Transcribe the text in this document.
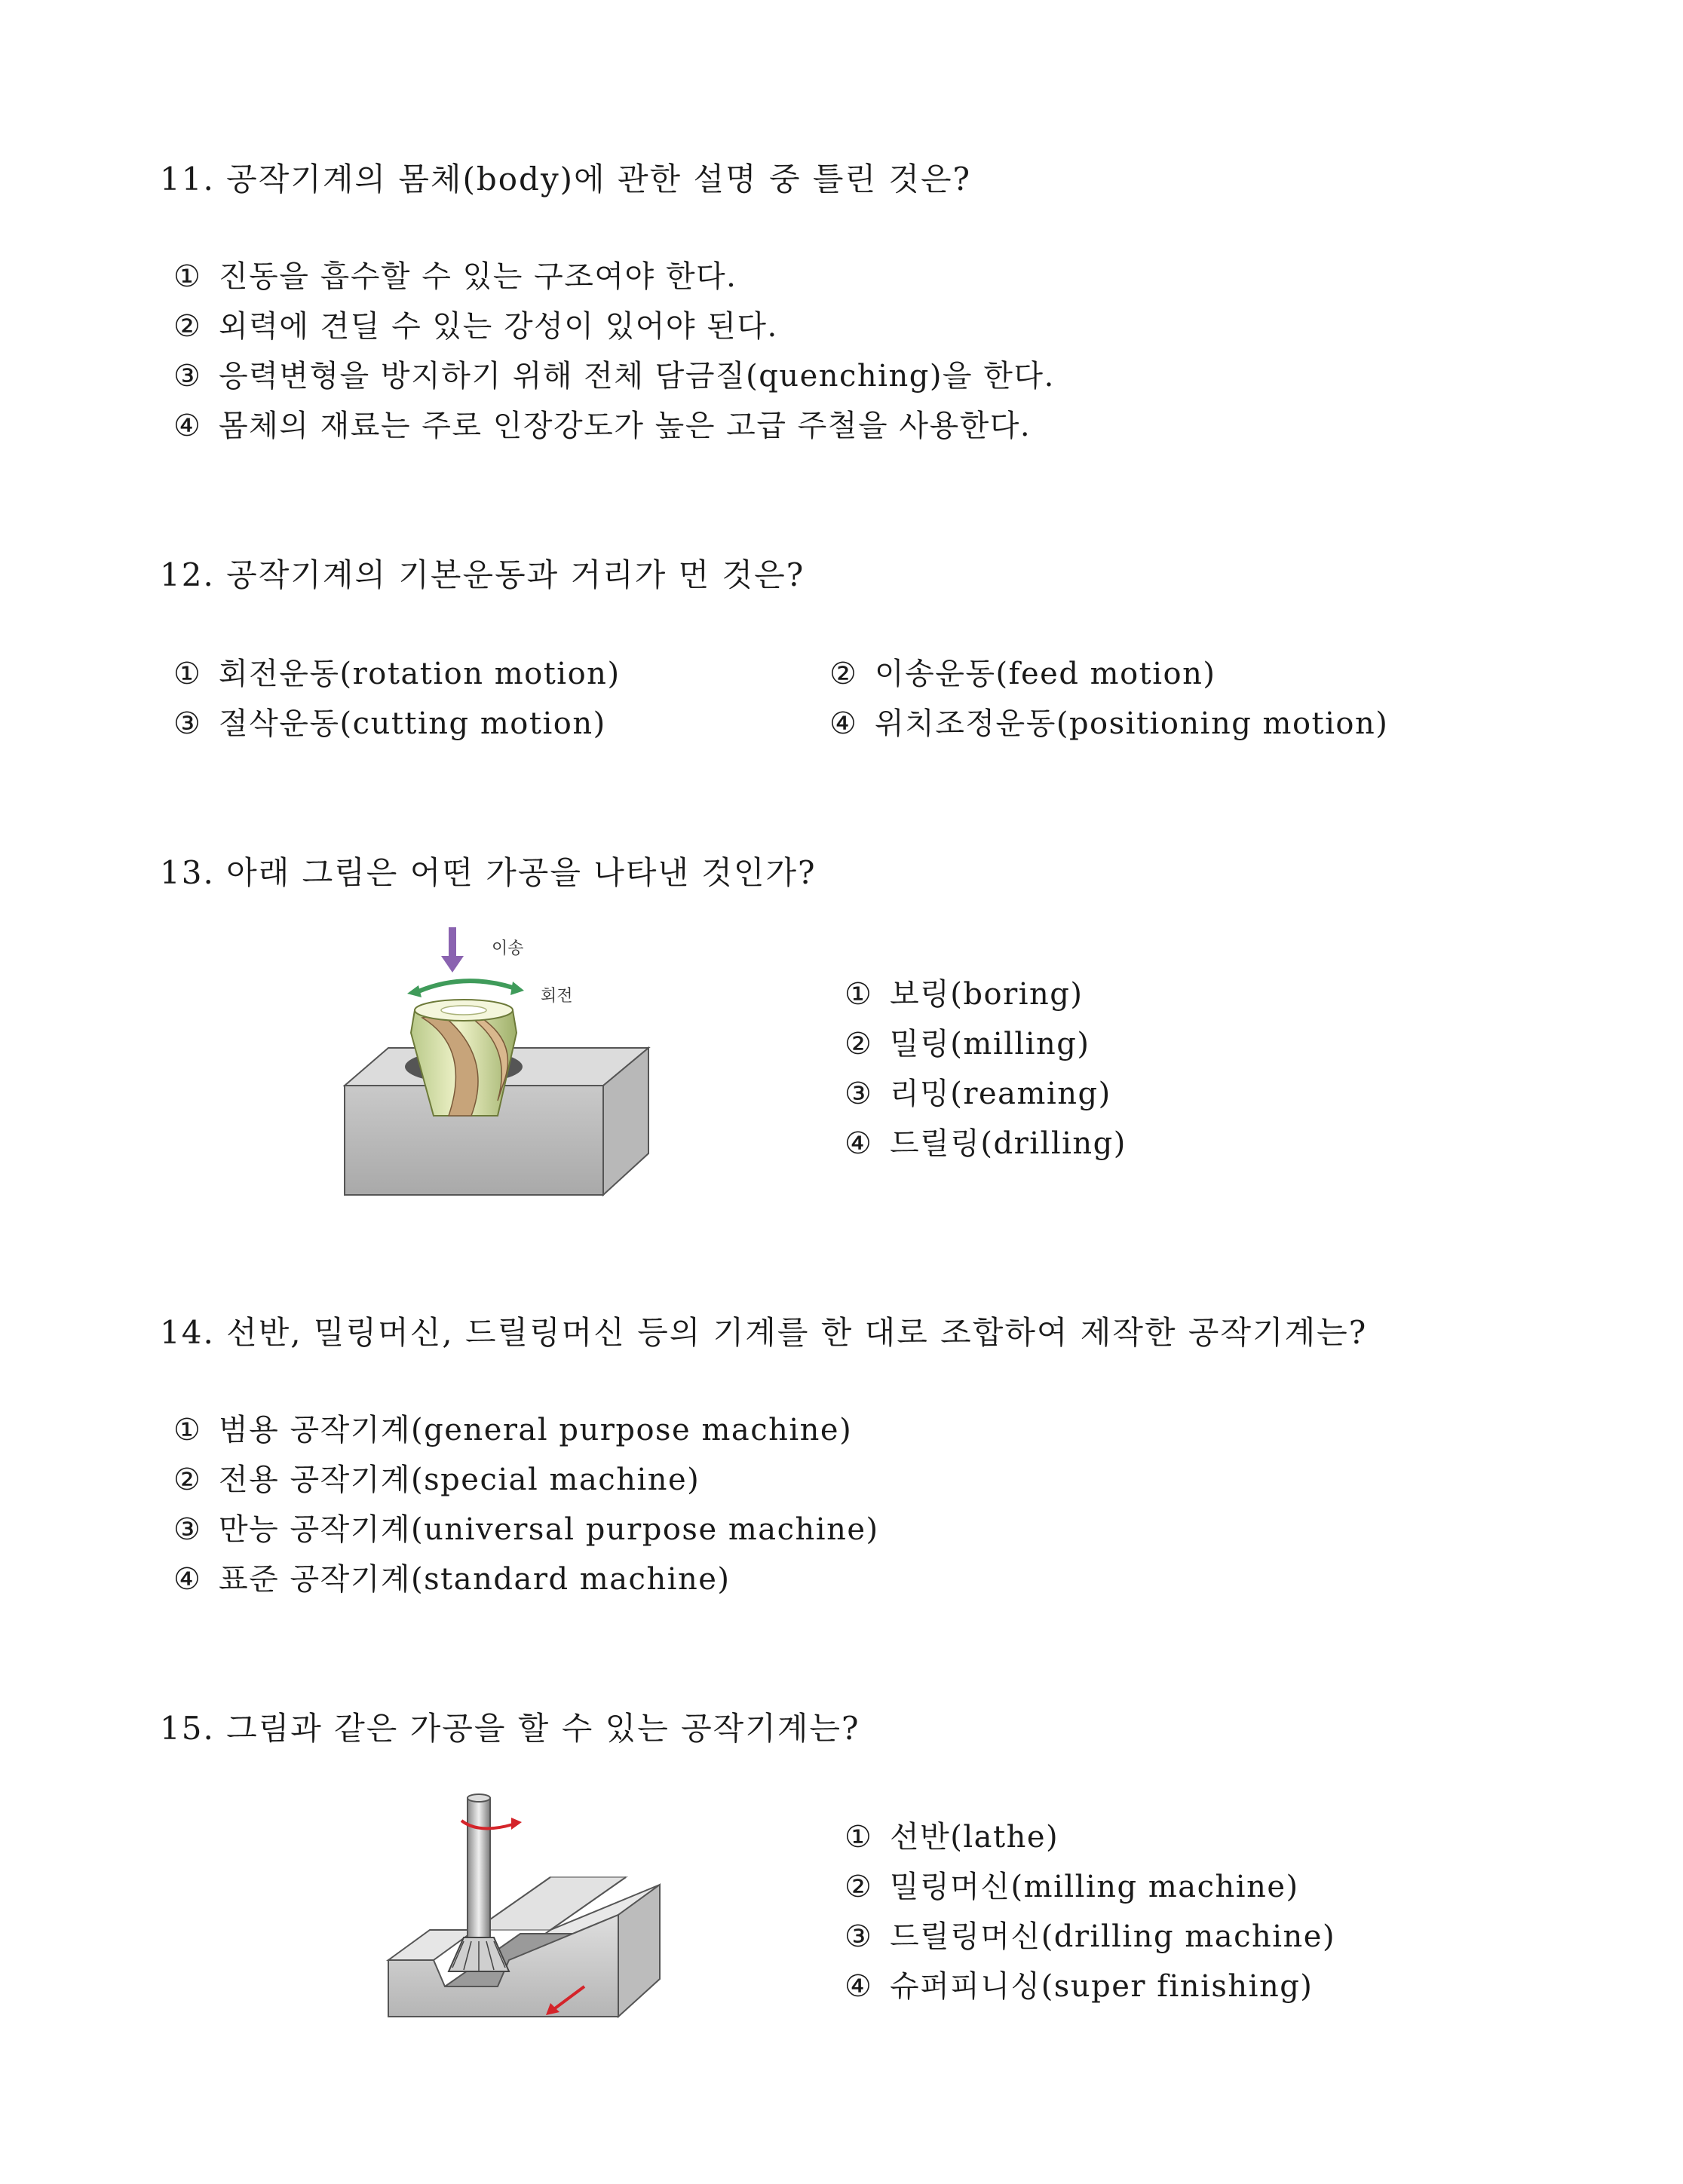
11. 공작기계의 몸체(body)에 관한 설명 중 틀린 것은?
① 진동을 흡수할 수 있는 구조여야 한다.
② 외력에 견딜 수 있는 강성이 있어야 된다.
③ 응력변형을 방지하기 위해 전체 담금질(quenching)을 한다.
④ 몸체의 재료는 주로 인장강도가 높은 고급 주철을 사용한다.
12. 공작기계의 기본운동과 거리가 먼 것은?
① 회전운동(rotation motion)	② 이송운동(feed motion)
③ 절삭운동(cutting motion)	④ 위치조정운동(positioning motion)
13. 아래 그림은 어떤 가공을 나타낸 것인가?
이송
회전	① 보링(boring)
② 밀링(milling)
③ 리밍(reaming)
④ 드릴링(drilling)
14. 선반, 밀링머신, 드릴링머신 등의 기계를 한 대로 조합하여 제작한 공작기계는?
① 범용 공작기계(general purpose machine)
② 전용 공작기계(special machine)
③ 만능 공작기계(universal purpose machine)
④ 표준 공작기계(standard machine)
15. 그림과 같은 가공을 할 수 있는 공작기계는?
① 선반(lathe)
② 밀링머신(milling machine)
③ 드릴링머신(drilling machine)
④ 슈퍼피니싱(super finishing)
